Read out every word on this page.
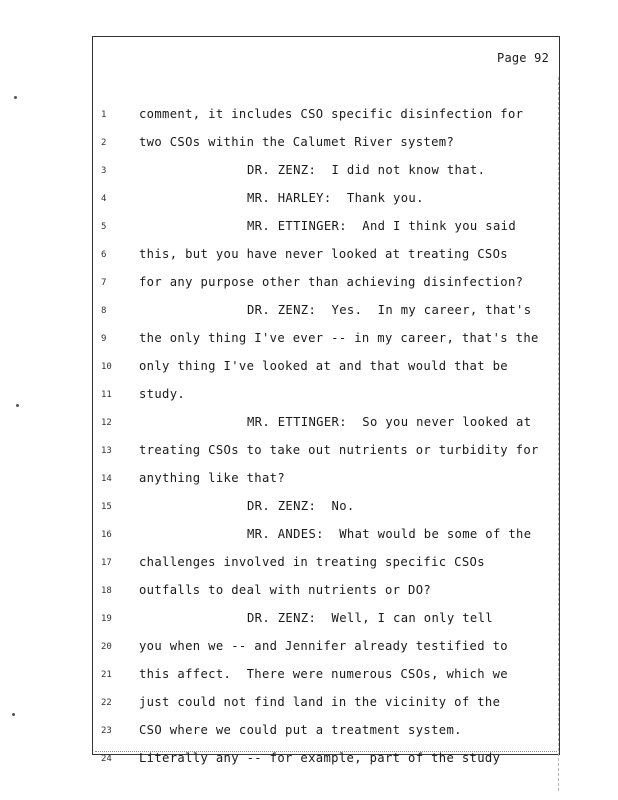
Page 92
1	comment, it includes CSO specific disinfection for
2	two CSOs within the Calumet River system?
3	DR. ZENZ:  I did not know that.
4	MR. HARLEY:  Thank you.
5	MR. ETTINGER:  And I think you said
6	this, but you have never looked at treating CSOs
7	for any purpose other than achieving disinfection?
8	DR. ZENZ:  Yes.  In my career, that's
9	the only thing I've ever -- in my career, that's the
10	only thing I've looked at and that would that be
11	study.
12	MR. ETTINGER:  So you never looked at
13	treating CSOs to take out nutrients or turbidity for
14	anything like that?
15	DR. ZENZ:  No.
16	MR. ANDES:  What would be some of the
17	challenges involved in treating specific CSOs
18	outfalls to deal with nutrients or DO?
19	DR. ZENZ:  Well, I can only tell
20	you when we -- and Jennifer already testified to
21	this affect.  There were numerous CSOs, which we
22	just could not find land in the vicinity of the
23	CSO where we could put a treatment system.
24	Literally any -- for example, part of the study
